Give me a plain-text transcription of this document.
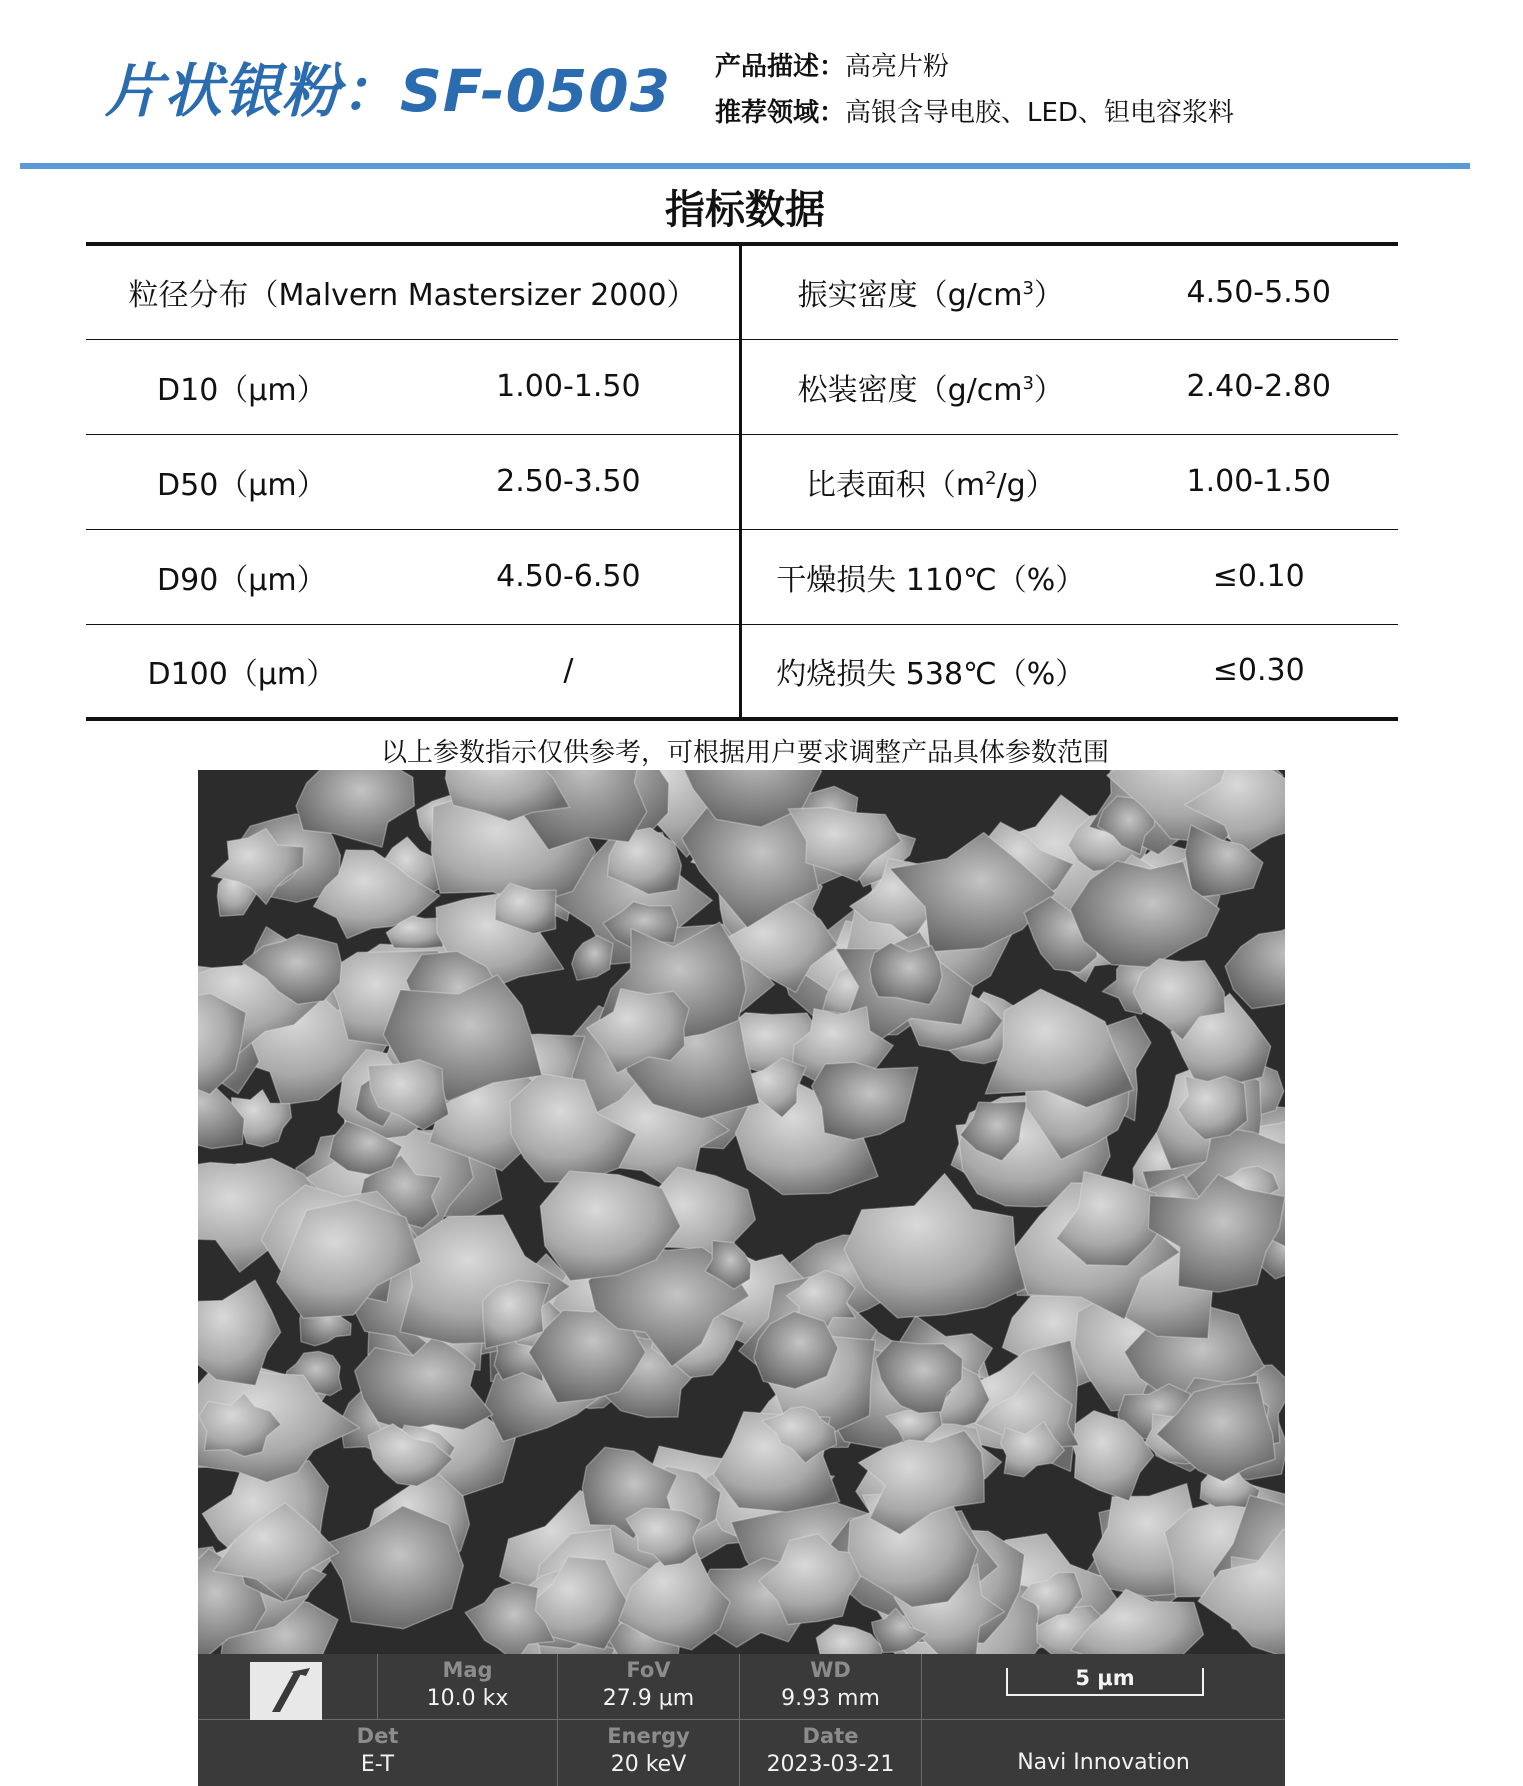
片状银粉：SF-0503 产品描述：高亮片粉
推荐领域：高银含导电胶、LED、钽电容浆料
指标数据
粒径分布（Malvern Mastersizer 2000）		振实密度$(g/cm^3)$	4.50-5.50
D10（μm）	1.00-1.50	松装密度$(g/cm^3)$	2.40-2.80
D50（μm）	2.50-3.50	比表面积$(m^2/g)$	1.00-1.50
D90（μm）	4.50-6.50	干燥损失 110℃（%）	≤0.10
D100（μm）	/	灼烧损失 538℃（%）	≤0.30
以上参数指示仅供参考，可根据用户要求调整产品具体参数范围
Mag
10.0 kx
FoV
27.9 μm
WD
9.93 mm
5 μm
Det
E-T
Energy
20 keV
Date
2023-03-21	Navi Innovation
